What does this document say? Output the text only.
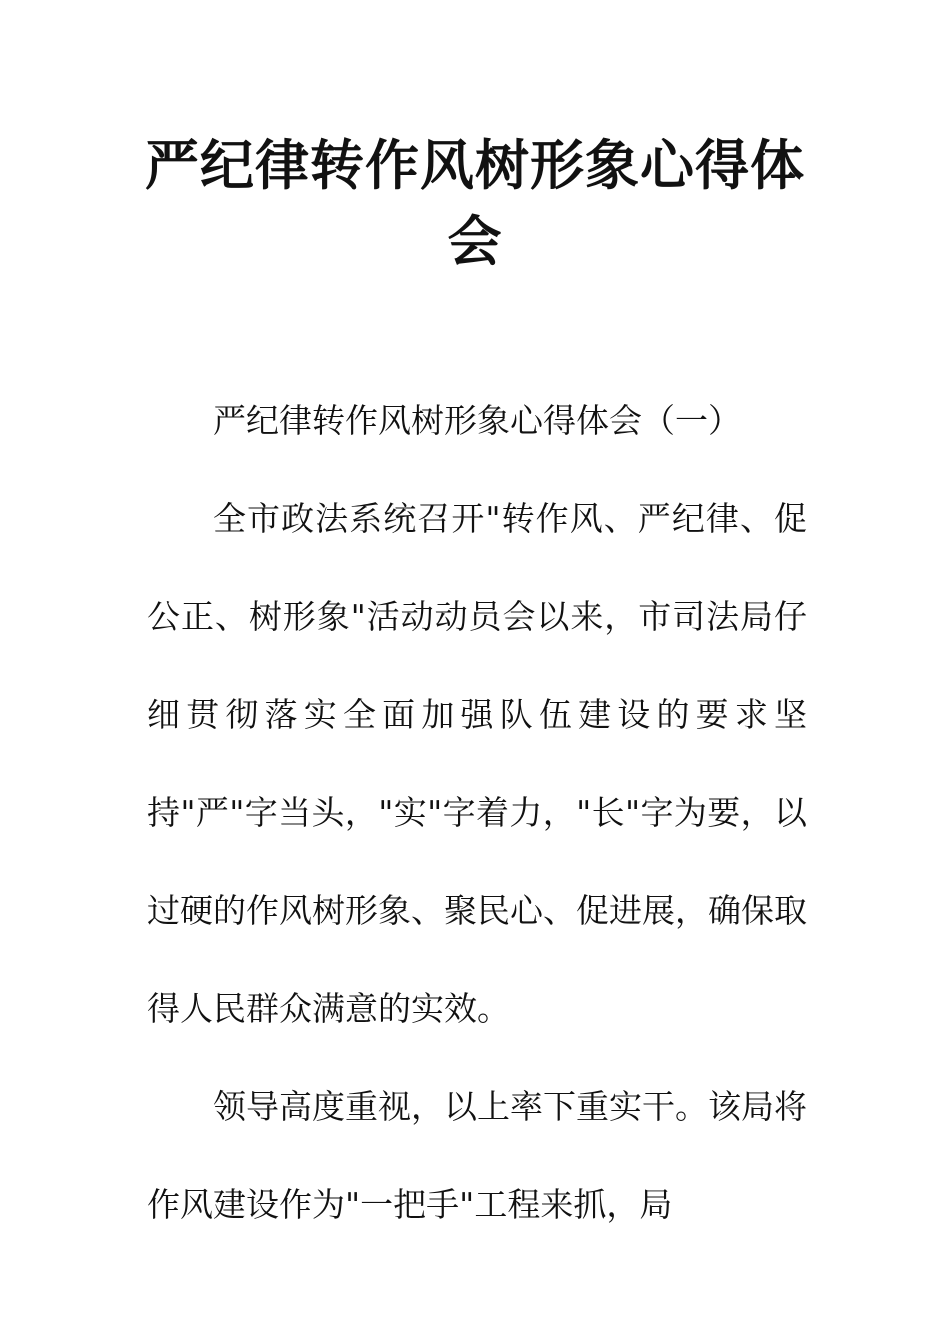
严纪律转作风树形象心得体会

严纪律转作风树形象心得体会（一）

全市政法系统召开"转作风、严纪律、促公正、树形象"活动动员会以来，市司法局仔细贯彻落实全面加强队伍建设的要求坚持"严"字当头，"实"字着力，"长"字为要，以过硬的作风树形象、聚民心、促进展，确保取得人民群众满意的实效。

领导高度重视，以上率下重实干。该局将作风建设作为"一把手"工程来抓，局
